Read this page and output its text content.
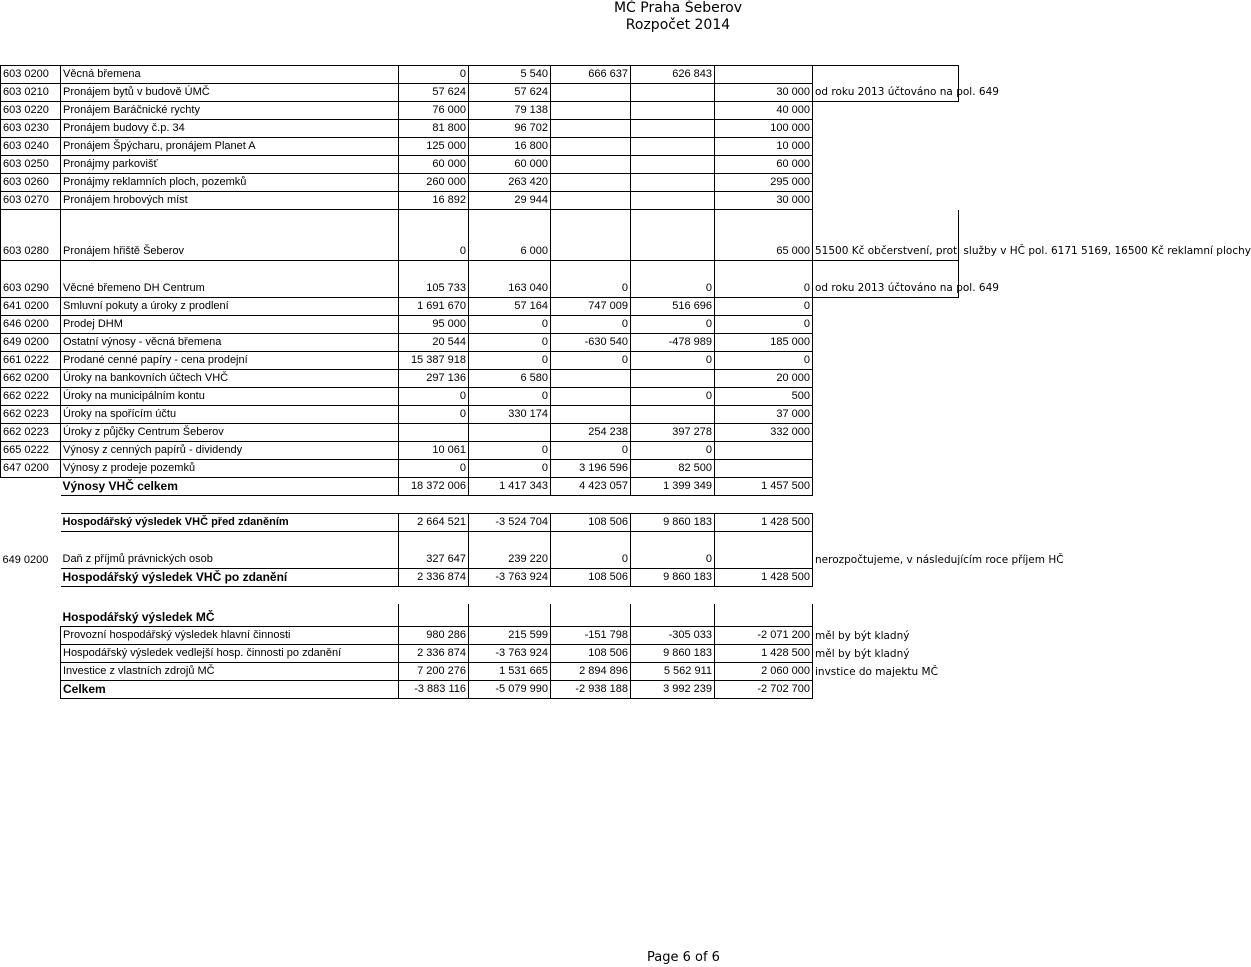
MČ Praha Šeberov
Rozpočet 2014
603 0200	Věcná břemena	0	5 540	666 637	626 843		od roku 2013 účtováno na pol. 649
603 0210	Pronájem bytů v budově ÚMČ	57 624	57 624			30 000	
603 0220	Pronájem Baráčnické rychty	76 000	79 138			40 000	
603 0230	Pronájem budovy č.p. 34	81 800	96 702			100 000	
603 0240	Pronájem Špýcharu, pronájem Planet A	125 000	16 800			10 000	
603 0250	Pronájmy parkovišť	60 000	60 000			60 000	
603 0260	Pronájmy reklamních ploch, pozemků	260 000	263 420			295 000	
603 0270	Pronájem hrobových míst	16 892	29 944			30 000	
603 0280	Pronájem hřiště Šeberov	0	6 000			65 000	51500 Kč občerstvení, proti služby v HČ pol. 6171 5169, 16500 Kč reklamní plochy
603 0290	Věcné břemeno DH Centrum	105 733	163 040	0	0	0	od roku 2013 účtováno na pol. 649
641 0200	Smluvní pokuty a úroky z prodlení	1 691 670	57 164	747 009	516 696	0	
646 0200	Prodej DHM	95 000	0	0	0	0	
649 0200	Ostatní výnosy - věcná břemena	20 544	0	-630 540	-478 989	185 000	
661 0222	Prodané cenné papíry - cena prodejní	15 387 918	0	0	0	0	
662 0200	Úroky na bankovních účtech VHČ	297 136	6 580			20 000	
662 0222	Úroky na municipálním kontu	0	0		0	500	
662 0223	Úroky na spořícím účtu	0	330 174			37 000	
662 0223	Úroky z půjčky Centrum Šeberov			254 238	397 278	332 000	
665 0222	Výnosy z cenných papírů - dividendy	10 061	0	0	0		
647 0200	Výnosy z prodeje pozemků	0	0	3 196 596	82 500		
	Výnosy VHČ celkem	18 372 006	1 417 343	4 423 057	1 399 349	1 457 500	

	Hospodářský výsledek VHČ před zdaněním	2 664 521	-3 524 704	108 506	9 860 183	1 428 500	
649 0200	Daň z příjmů právnických osob	327 647	239 220	0	0		nerozpočtujeme, v následujícím roce příjem HČ
	Hospodářský výsledek VHČ po zdanění	2 336 874	-3 763 924	108 506	9 860 183	1 428 500	

	Hospodářský výsledek MČ						
	Provozní hospodářský výsledek hlavní činnosti	980 286	215 599	-151 798	-305 033	-2 071 200	měl by být kladný
	Hospodářský výsledek vedlejší hosp. činnosti po zdanění	2 336 874	-3 763 924	108 506	9 860 183	1 428 500	měl by být kladný
	Investice z vlastních zdrojů MČ	7 200 276	1 531 665	2 894 896	5 562 911	2 060 000	invstice do majektu MČ
	Celkem	-3 883 116	-5 079 990	-2 938 188	3 992 239	-2 702 700	
Page 6 of 6
